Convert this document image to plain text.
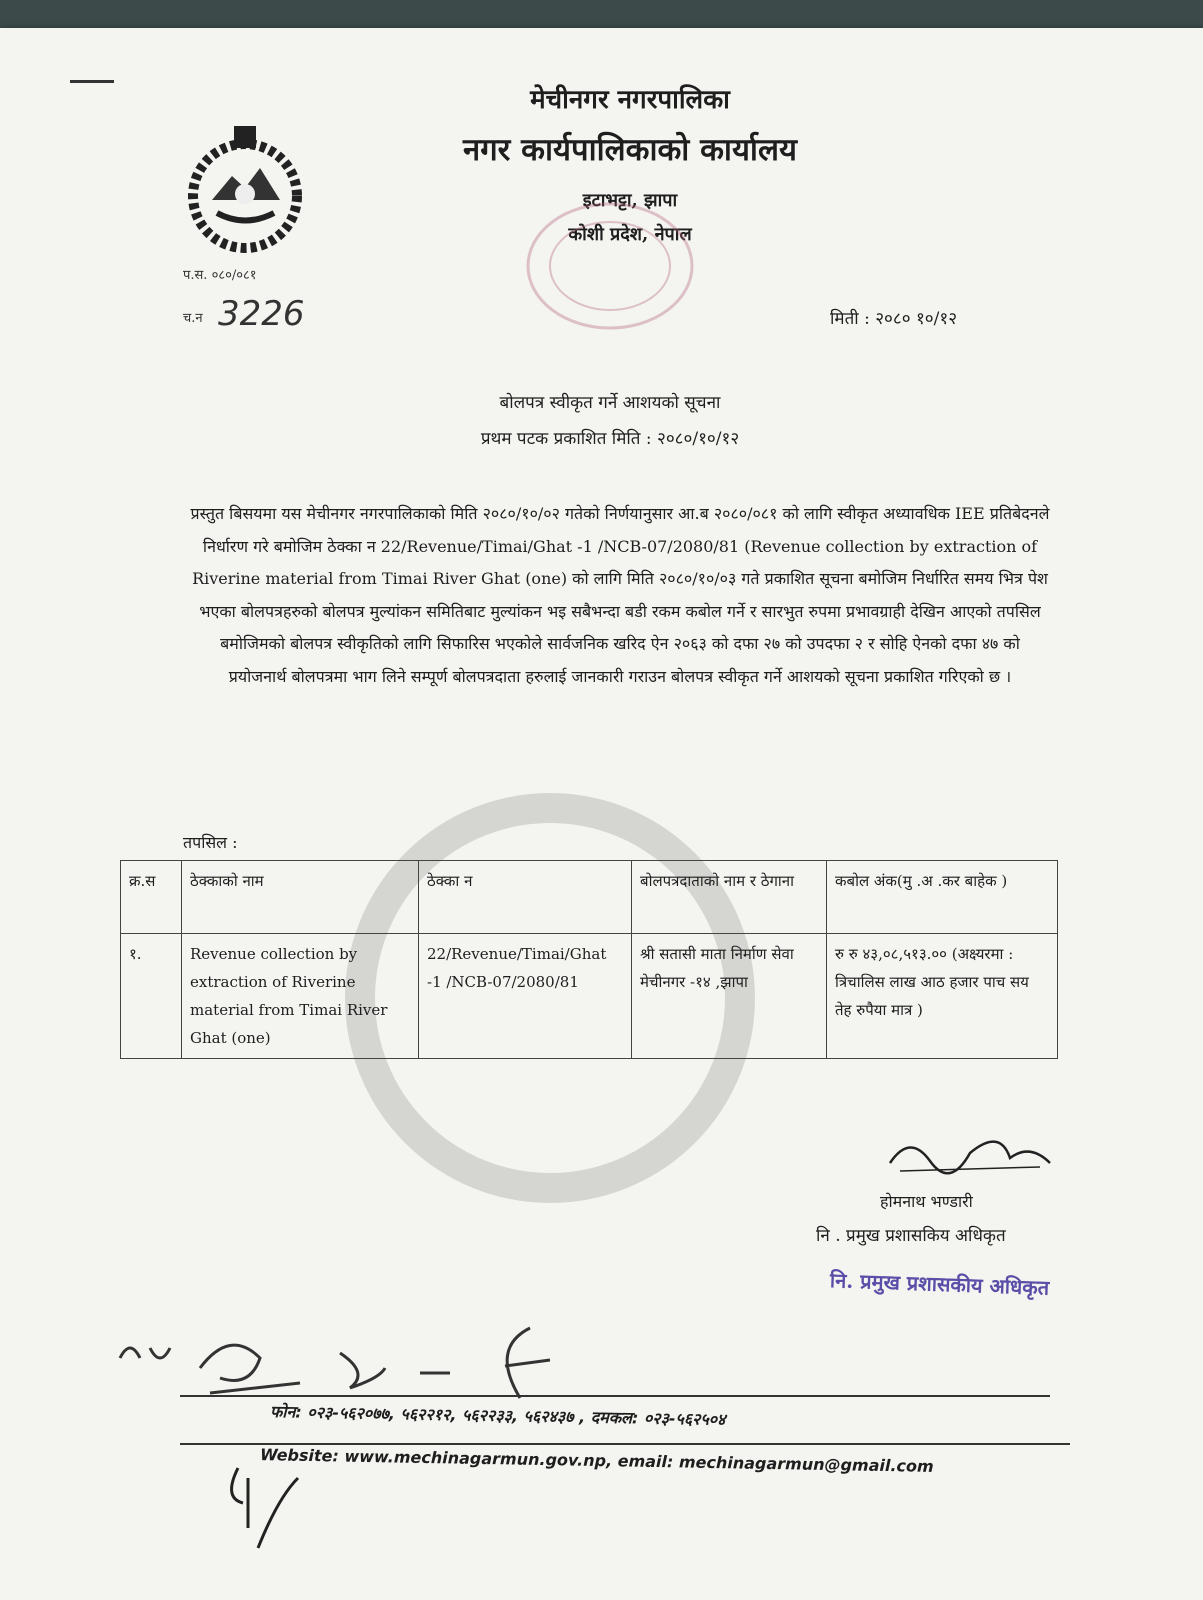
मेचीनगर नगरपालिका
नगर कार्यपालिकाको कार्यालय
इटाभट्टा, झापा
कोशी प्रदेश, नेपाल
प.स. ०८०/०८१
च.न 3226	मिती : २०८० १०/१२
बोलपत्र स्वीकृत गर्ने आशयको सूचना
प्रथम पटक प्रकाशित मिति : २०८०/१०/१२
प्रस्तुत बिसयमा यस मेचीनगर नगरपालिकाको मिति २०८०/१०/०२ गतेको निर्णयानुसार आ.ब २०८०/०८१ को लागि स्वीकृत अध्यावधिक IEE प्रतिबेदनले निर्धारण गरे बमोजिम ठेक्का न 22/Revenue/Timai/Ghat -1 /NCB-07/2080/81 (Revenue collection by extraction of Riverine material from Timai River Ghat (one) को लागि मिति २०८०/१०/०३ गते प्रकाशित सूचना बमोजिम निर्धारित समय भित्र पेश भएका बोलपत्रहरुको बोलपत्र मुल्यांकन समितिबाट मुल्यांकन भइ सबैभन्दा बडी रकम कबोल गर्ने र सारभुत रुपमा प्रभावग्राही देखिन आएको तपसिल बमोजिमको बोलपत्र स्वीकृतिको लागि सिफारिस भएकोले सार्वजनिक खरिद ऐन २०६३ को दफा २७ को उपदफा २ र सोहि ऐनको दफा ४७ को प्रयोजनार्थ बोलपत्रमा भाग लिने सम्पूर्ण बोलपत्रदाता हरुलाई जानकारी गराउन बोलपत्र स्वीकृत गर्ने आशयको सूचना प्रकाशित गरिएको छ ।
तपसिल :
क्र.स	ठेक्काको नाम	ठेक्का न	बोलपत्रदाताको नाम र ठेगाना	कबोल अंक(मु .अ .कर बाहेक )
१.	Revenue collection by extraction of Riverine material from Timai River Ghat (one)	22/Revenue/Timai/Ghat -1 /NCB-07/2080/81	श्री सतासी माता निर्माण सेवा मेचीनगर -१४ ,झापा	रु रु ४३,०८,५१३.०० (अक्ष्यरमा : त्रिचालिस लाख आठ हजार पाच सय तेह रुपैया मात्र )
होमनाथ भण्डारी
नि . प्रमुख प्रशासकिय अधिकृत
नि. प्रमुख प्रशासकीय अधिकृत
फोन: ०२३-५६२०७७, ५६२२१२, ५६२२३३, ५६२४३७ , दमकल: ०२३-५६२५०४
Website: www.mechinagarmun.gov.np, email: mechinagarmun@gmail.com
